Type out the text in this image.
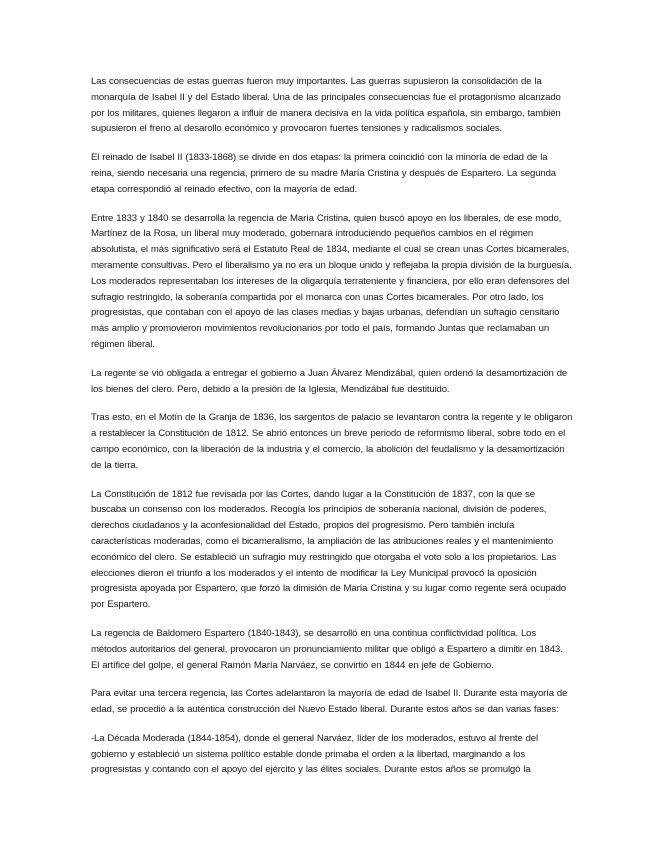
Las consecuencias de estas guerras fueron muy importantes. Las guerras supusieron la consolidación de la monarquía de Isabel II y del Estado liberal. Una de las principales consecuencias fue el protagonismo alcanzado por los militares, quienes llegaron a influir de manera decisiva en la vida política española, sin embargo, también supusieron el freno al desarollo económico y provocaron fuertes tensiones y radicalismos sociales.

El reinado de Isabel II (1833-1868) se divide en dos etapas: la primera coincidió con la minoría de edad de la reina, siendo necesaria una regencia, primero de su madre María Cristina y después de Espartero. La segunda etapa correspondió al reinado efectivo, con la mayoría de edad.

Entre 1833 y 1840 se desarrolla la regencia de María Cristina, quien buscó apoyo en los liberales, de ese modo, Martínez de la Rosa, un liberal muy moderado, gobernará introduciendo pequeños cambios en el régimen absolutista, el más significativo será el Estatuto Real de 1834, mediante el cual se crean unas Cortes bicamerales, meramente consultivas. Pero el liberalismo ya no era un bloque unido y reflejaba la propia división de la burguesía. Los moderados representaban los intereses de la oligarquía terrateniente y financiera, por ello eran defensores del sufragio restringido, la soberanía compartida por el monarca con unas Cortes bicamerales. Por otro lado, los progresistas, que contaban con el apoyo de las clases medias y bajas urbanas, defendían un sufragio censitario más amplio y promovieron movimientos revolucionarios por todo el país, formando Juntas que reclamaban un régimen liberal.

La regente se vió obligada a entregar el gobierno a Juan Álvarez Mendizábal, quien ordenó la desamortización de los bienes del clero. Pero, debido a la presión de la Iglesia, Mendizábal fue destituido.

Tras esto, en el Motín de la Granja de 1836, los sargentos de palacio se levantaron contra la regente y le obligaron a restablecer la Constitución de 1812. Se abrió entonces un breve periodo de reformismo liberal, sobre todo en el campo económico, con la liberación de la industria y el comercio, la abolición del feudalismo y la desamortización de la tierra.

La Constitución de 1812 fue revisada por las Cortes, dando lugar a la Constitución de 1837, con la que se buscaba un consenso con los moderados. Recogía los principios de soberanía nacional, división de poderes, derechos ciudadanos y la aconfesionalidad del Estado, propios del progresismo. Pero también incluía características moderadas, como el bicameralismo, la ampliación de las atribuciones reales y el mantenimiento económico del clero. Se estableció un sufragio muy restringido que otorgaba el voto solo a los propietarios. Las elecciones dieron el triunfo a los moderados y el intento de modificar la Ley Municipal provocó la oposición progresista apoyada por Espartero, que forzó la dimisión de María Cristina y su lugar como regente será ocupado por Espartero.

La regencia de Baldomero Espartero (1840-1843), se desarrolló en una continua conflictividad política. Los métodos autoritarios del general, provocaron un pronunciamiento militar que obligó a Espartero a dimitir en 1843. El artífice del golpe, el general Ramón María Narváez, se convirtió en 1844 en jefe de Gobierno.

Para evitar una tercera regencia, las Cortes adelantaron la mayoría de edad de Isabel II. Durante esta mayoría de edad, se procedió a la auténtica construcción del Nuevo Estado liberal. Durante estos años se dan varias fases:

-La Década Moderada (1844-1854), donde el general Narváez, líder de los moderados, estuvo al frente del gobierno y estableció un sistema político estable donde primaba el orden a la libertad, marginando a los progresistas y contando con el apoyo del ejército y las élites sociales. Durante estos años se promulgó la
